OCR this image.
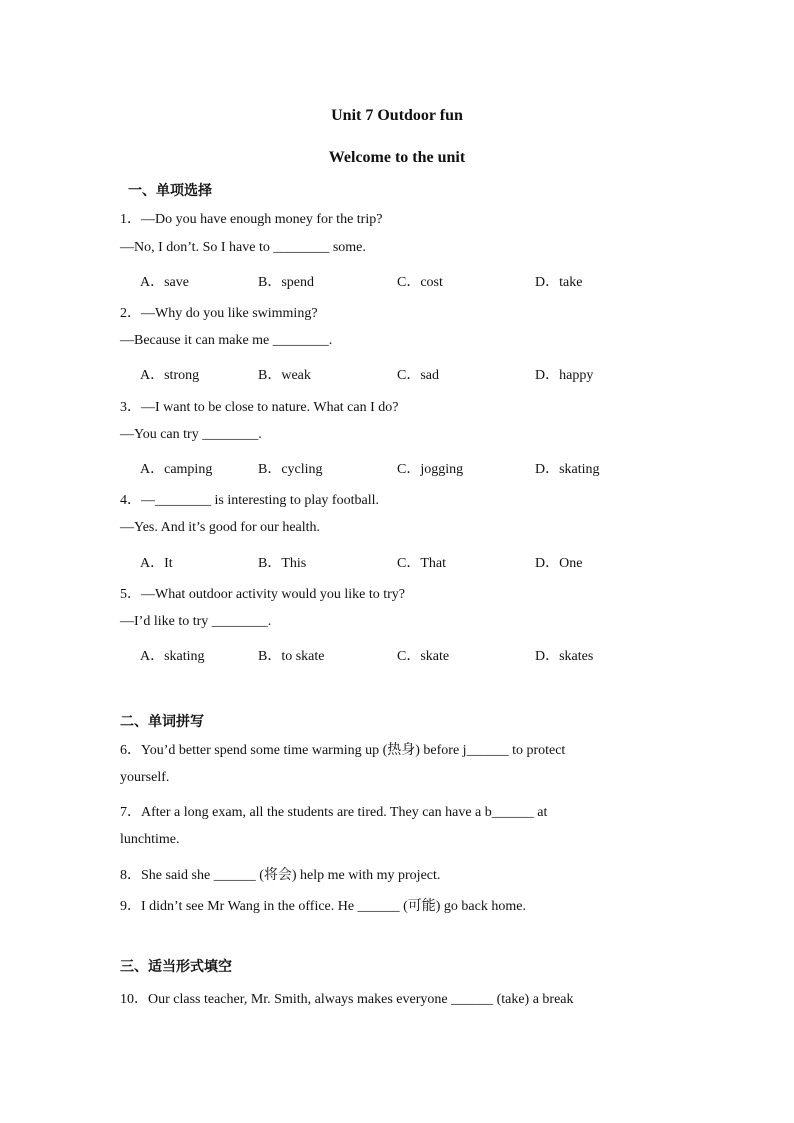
Unit 7 Outdoor fun
Welcome to the unit
一、单项选择
1．—Do you have enough money for the trip?
—No, I don’t. So I have to ________ some.
A．save	B．spend	C．cost	D．take
2．—Why do you like swimming?
—Because it can make me ________.
A．strong	B．weak	C．sad	D．happy
3．—I want to be close to nature. What can I do?
—You can try ________.
A．camping	B．cycling	C．jogging	D．skating
4．—________ is interesting to play football.
—Yes. And it’s good for our health.
A．It	B．This	C．That	D．One
5．—What outdoor activity would you like to try?
—I’d like to try ________.
A．skating	B．to skate	C．skate	D．skates
二、单词拼写
6．You’d better spend some time warming up (热身) before j______ to protect
yourself.
7．After a long exam, all the students are tired. They can have a b______ at
lunchtime.
8．She said she ______ (将会) help me with my project.
9．I didn’t see Mr Wang in the office. He ______ (可能) go back home.
三、适当形式填空
10．Our class teacher, Mr. Smith, always makes everyone ______ (take) a break
